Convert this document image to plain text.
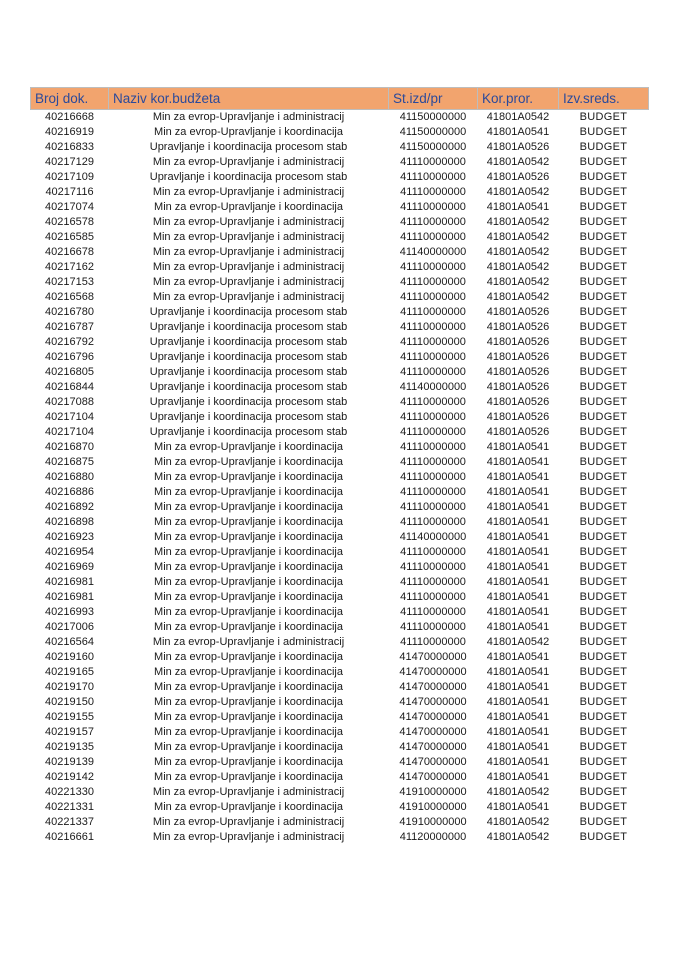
Broj dok.	Naziv kor.budžeta	St.izd/pr	Kor.pror.	Izv.sreds.
40216668	Min za evrop-Upravljanje i administracij	41150000000	41801A0542	BUDGET
40216919	Min za evrop-Upravljanje i koordinacija	41150000000	41801A0541	BUDGET
40216833	Upravljanje i koordinacija procesom stab	41150000000	41801A0526	BUDGET
40217129	Min za evrop-Upravljanje i administracij	41110000000	41801A0542	BUDGET
40217109	Upravljanje i koordinacija procesom stab	41110000000	41801A0526	BUDGET
40217116	Min za evrop-Upravljanje i administracij	41110000000	41801A0542	BUDGET
40217074	Min za evrop-Upravljanje i koordinacija	41110000000	41801A0541	BUDGET
40216578	Min za evrop-Upravljanje i administracij	41110000000	41801A0542	BUDGET
40216585	Min za evrop-Upravljanje i administracij	41110000000	41801A0542	BUDGET
40216678	Min za evrop-Upravljanje i administracij	41140000000	41801A0542	BUDGET
40217162	Min za evrop-Upravljanje i administracij	41110000000	41801A0542	BUDGET
40217153	Min za evrop-Upravljanje i administracij	41110000000	41801A0542	BUDGET
40216568	Min za evrop-Upravljanje i administracij	41110000000	41801A0542	BUDGET
40216780	Upravljanje i koordinacija procesom stab	41110000000	41801A0526	BUDGET
40216787	Upravljanje i koordinacija procesom stab	41110000000	41801A0526	BUDGET
40216792	Upravljanje i koordinacija procesom stab	41110000000	41801A0526	BUDGET
40216796	Upravljanje i koordinacija procesom stab	41110000000	41801A0526	BUDGET
40216805	Upravljanje i koordinacija procesom stab	41110000000	41801A0526	BUDGET
40216844	Upravljanje i koordinacija procesom stab	41140000000	41801A0526	BUDGET
40217088	Upravljanje i koordinacija procesom stab	41110000000	41801A0526	BUDGET
40217104	Upravljanje i koordinacija procesom stab	41110000000	41801A0526	BUDGET
40217104	Upravljanje i koordinacija procesom stab	41110000000	41801A0526	BUDGET
40216870	Min za evrop-Upravljanje i koordinacija	41110000000	41801A0541	BUDGET
40216875	Min za evrop-Upravljanje i koordinacija	41110000000	41801A0541	BUDGET
40216880	Min za evrop-Upravljanje i koordinacija	41110000000	41801A0541	BUDGET
40216886	Min za evrop-Upravljanje i koordinacija	41110000000	41801A0541	BUDGET
40216892	Min za evrop-Upravljanje i koordinacija	41110000000	41801A0541	BUDGET
40216898	Min za evrop-Upravljanje i koordinacija	41110000000	41801A0541	BUDGET
40216923	Min za evrop-Upravljanje i koordinacija	41140000000	41801A0541	BUDGET
40216954	Min za evrop-Upravljanje i koordinacija	41110000000	41801A0541	BUDGET
40216969	Min za evrop-Upravljanje i koordinacija	41110000000	41801A0541	BUDGET
40216981	Min za evrop-Upravljanje i koordinacija	41110000000	41801A0541	BUDGET
40216981	Min za evrop-Upravljanje i koordinacija	41110000000	41801A0541	BUDGET
40216993	Min za evrop-Upravljanje i koordinacija	41110000000	41801A0541	BUDGET
40217006	Min za evrop-Upravljanje i koordinacija	41110000000	41801A0541	BUDGET
40216564	Min za evrop-Upravljanje i administracij	41110000000	41801A0542	BUDGET
40219160	Min za evrop-Upravljanje i koordinacija	41470000000	41801A0541	BUDGET
40219165	Min za evrop-Upravljanje i koordinacija	41470000000	41801A0541	BUDGET
40219170	Min za evrop-Upravljanje i koordinacija	41470000000	41801A0541	BUDGET
40219150	Min za evrop-Upravljanje i koordinacija	41470000000	41801A0541	BUDGET
40219155	Min za evrop-Upravljanje i koordinacija	41470000000	41801A0541	BUDGET
40219157	Min za evrop-Upravljanje i koordinacija	41470000000	41801A0541	BUDGET
40219135	Min za evrop-Upravljanje i koordinacija	41470000000	41801A0541	BUDGET
40219139	Min za evrop-Upravljanje i koordinacija	41470000000	41801A0541	BUDGET
40219142	Min za evrop-Upravljanje i koordinacija	41470000000	41801A0541	BUDGET
40221330	Min za evrop-Upravljanje i administracij	41910000000	41801A0542	BUDGET
40221331	Min za evrop-Upravljanje i koordinacija	41910000000	41801A0541	BUDGET
40221337	Min za evrop-Upravljanje i administracij	41910000000	41801A0542	BUDGET
40216661	Min za evrop-Upravljanje i administracij	41120000000	41801A0542	BUDGET
